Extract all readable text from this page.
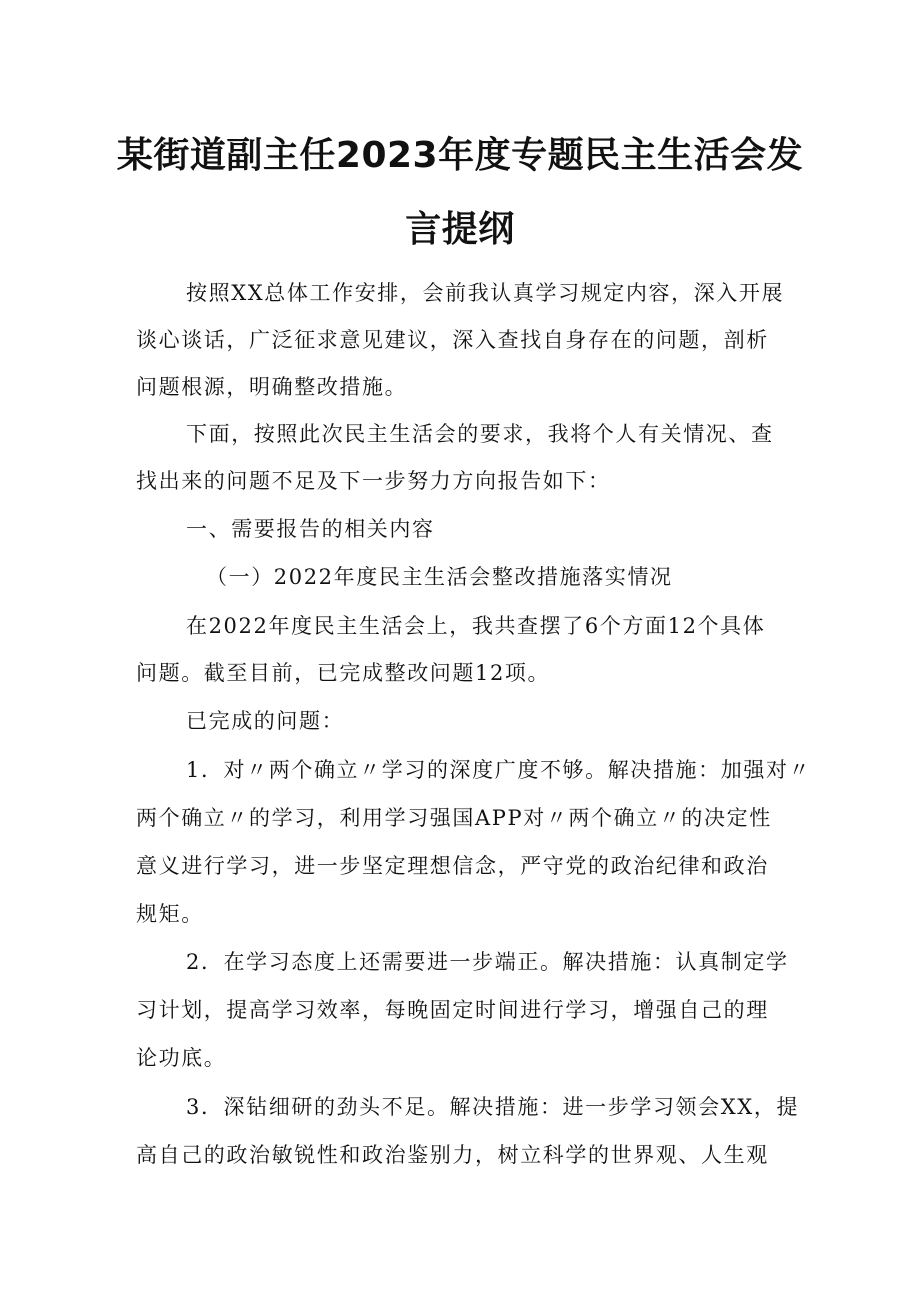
某街道副主任2023年度专题民主生活会发
言提纲
按照XX总体工作安排，会前我认真学习规定内容，深入开展
谈心谈话，广泛征求意见建议，深入查找自身存在的问题，剖析
问题根源，明确整改措施。
下面，按照此次民主生活会的要求，我将个人有关情况、查
找出来的问题不足及下一步努力方向报告如下：
一、需要报告的相关内容
（一）2022年度民主生活会整改措施落实情况
在2022年度民主生活会上，我共查摆了6个方面12个具体
问题。截至目前，已完成整改问题12项。
已完成的问题：
1．对〃两个确立〃学习的深度广度不够。解决措施：加强对〃
两个确立〃的学习，利用学习强国APP对〃两个确立〃的决定性
意义进行学习，进一步坚定理想信念，严守党的政治纪律和政治
规矩。
2．在学习态度上还需要进一步端正。解决措施：认真制定学
习计划，提高学习效率，每晚固定时间进行学习，增强自己的理
论功底。
3．深钻细研的劲头不足。解决措施：进一步学习领会XX，提
高自己的政治敏锐性和政治鉴别力，树立科学的世界观、人生观
